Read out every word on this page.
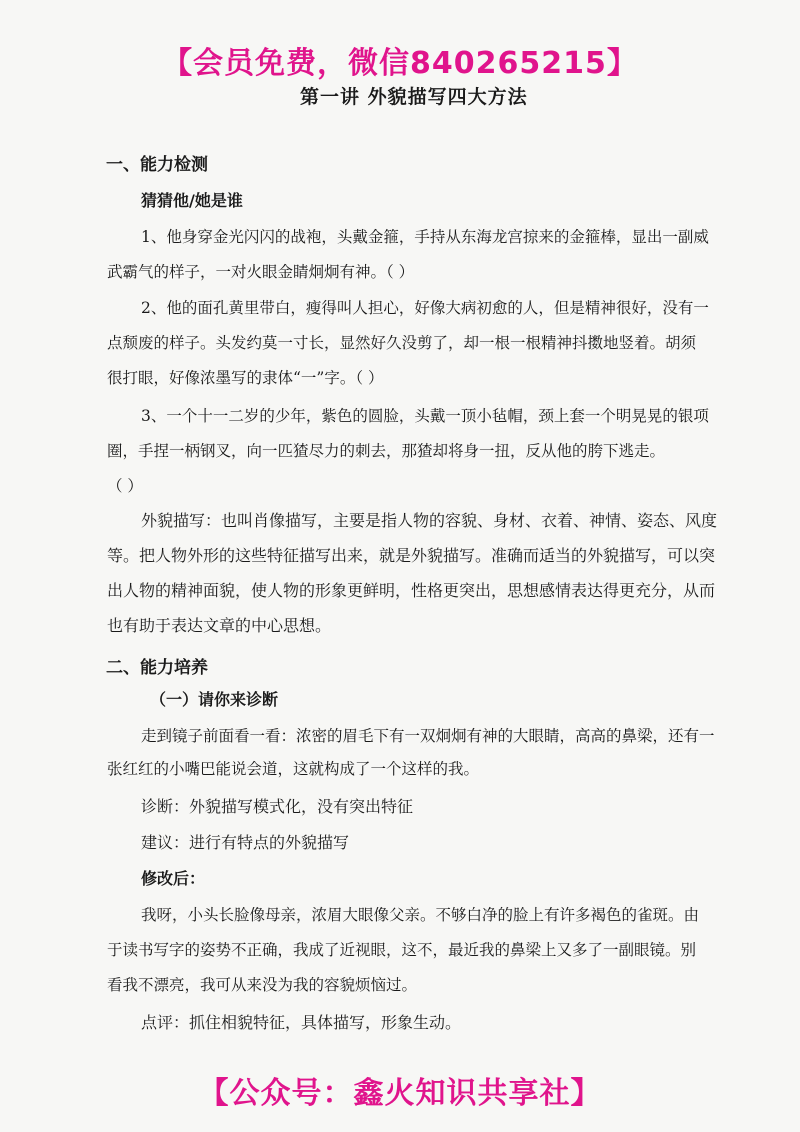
【会员免费，微信840265215】
第一讲 外貌描写四大方法
一、能力检测
猜猜他/她是谁
1、他身穿金光闪闪的战袍，头戴金箍，手持从东海龙宫掠来的金箍棒，显出一副威
武霸气的样子，一对火眼金睛炯炯有神。（ ）
2、他的面孔黄里带白，瘦得叫人担心，好像大病初愈的人，但是精神很好，没有一
点颓废的样子。头发约莫一寸长，显然好久没剪了，却一根一根精神抖擞地竖着。胡须
很打眼，好像浓墨写的隶体“一”字。（ ）
3、一个十一二岁的少年，紫色的圆脸，头戴一顶小毡帽，颈上套一个明晃晃的银项
圈，手捏一柄钢叉，向一匹猹尽力的刺去，那猹却将身一扭，反从他的胯下逃走。
（ ）
外貌描写：也叫肖像描写，主要是指人物的容貌、身材、衣着、神情、姿态、风度
等。把人物外形的这些特征描写出来，就是外貌描写。准确而适当的外貌描写，可以突
出人物的精神面貌，使人物的形象更鲜明，性格更突出，思想感情表达得更充分，从而
也有助于表达文章的中心思想。
二、能力培养
（一）请你来诊断
走到镜子前面看一看：浓密的眉毛下有一双炯炯有神的大眼睛，高高的鼻梁，还有一
张红红的小嘴巴能说会道，这就构成了一个这样的我。
诊断：外貌描写模式化，没有突出特征
建议：进行有特点的外貌描写
修改后：
我呀，小头长脸像母亲，浓眉大眼像父亲。不够白净的脸上有许多褐色的雀斑。由
于读书写字的姿势不正确，我成了近视眼，这不，最近我的鼻梁上又多了一副眼镜。别
看我不漂亮，我可从来没为我的容貌烦恼过。
点评：抓住相貌特征，具体描写，形象生动。
【公众号：鑫火知识共享社】
